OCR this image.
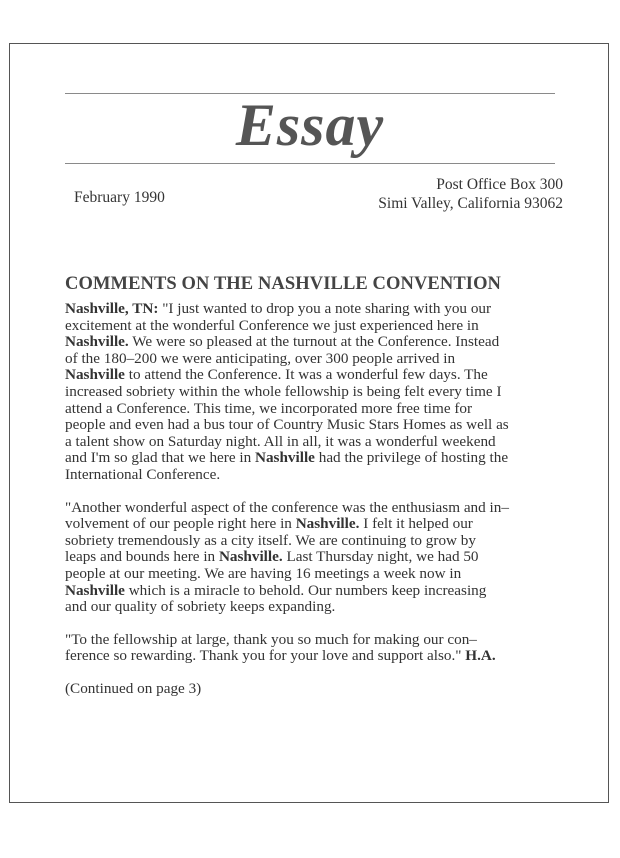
Essay
February 1990
Post Office Box 300
Simi Valley, California 93062
COMMENTS ON THE NASHVILLE CONVENTION

Nashville, TN: "I just wanted to drop you a note sharing with you our
excitement at the wonderful Conference we just experienced here in
Nashville. We were so pleased at the turnout at the Conference. Instead
of the 180–200 we were anticipating, over 300 people arrived in
Nashville to attend the Conference. It was a wonderful few days. The
increased sobriety within the whole fellowship is being felt every time I
attend a Conference. This time, we incorporated more free time for
people and even had a bus tour of Country Music Stars Homes as well as
a talent show on Saturday night. All in all, it was a wonderful weekend
and I'm so glad that we here in Nashville had the privilege of hosting the
International Conference.

"Another wonderful aspect of the conference was the enthusiasm and in–
volvement of our people right here in Nashville. I felt it helped our
sobriety tremendously as a city itself. We are continuing to grow by
leaps and bounds here in Nashville. Last Thursday night, we had 50
people at our meeting. We are having 16 meetings a week now in
Nashville which is a miracle to behold. Our numbers keep increasing
and our quality of sobriety keeps expanding.

"To the fellowship at large, thank you so much for making our con–
ference so rewarding. Thank you for your love and support also." H.A.

(Continued on page 3)
